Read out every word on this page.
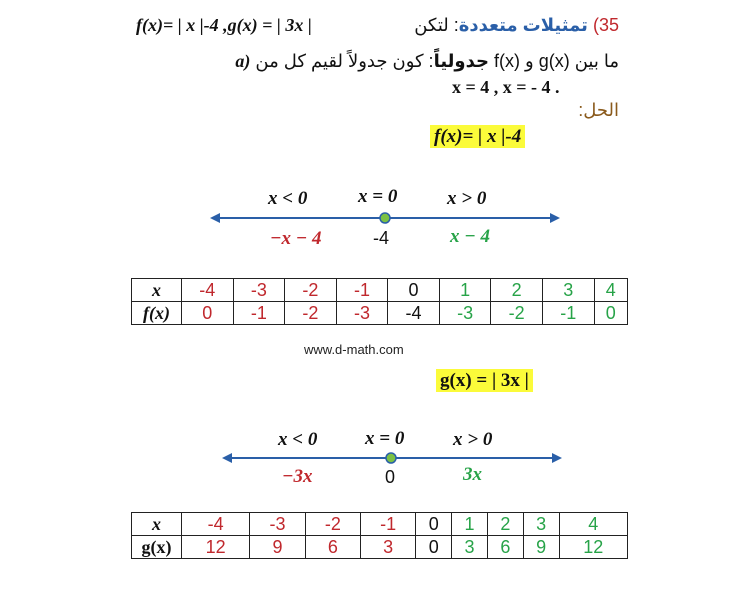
35) تمثيلات متعددة: لتكن
f(x)= | x |-4 ,g(x) = | 3x |
a)	جدولياً: كون جدولاً لقيم كل من f(x) و g(x) ما بين
x = 4 , x = - 4 .
الحل:
f(x)= | x |-4
x < 0	x = 0	x > 0
−x − 4	-4	x − 4
x	-4	-3	-2	-1	0	1	2	3	4
f(x)	0	-1	-2	-3	-4	-3	-2	-1	0
www.d-math.com
g(x) = | 3x |
x < 0	x = 0	x > 0
−3x	0	3x
x	-4	-3	-2	-1	0	1	2	3	4
g(x)	12	9	6	3	0	3	6	9	12
